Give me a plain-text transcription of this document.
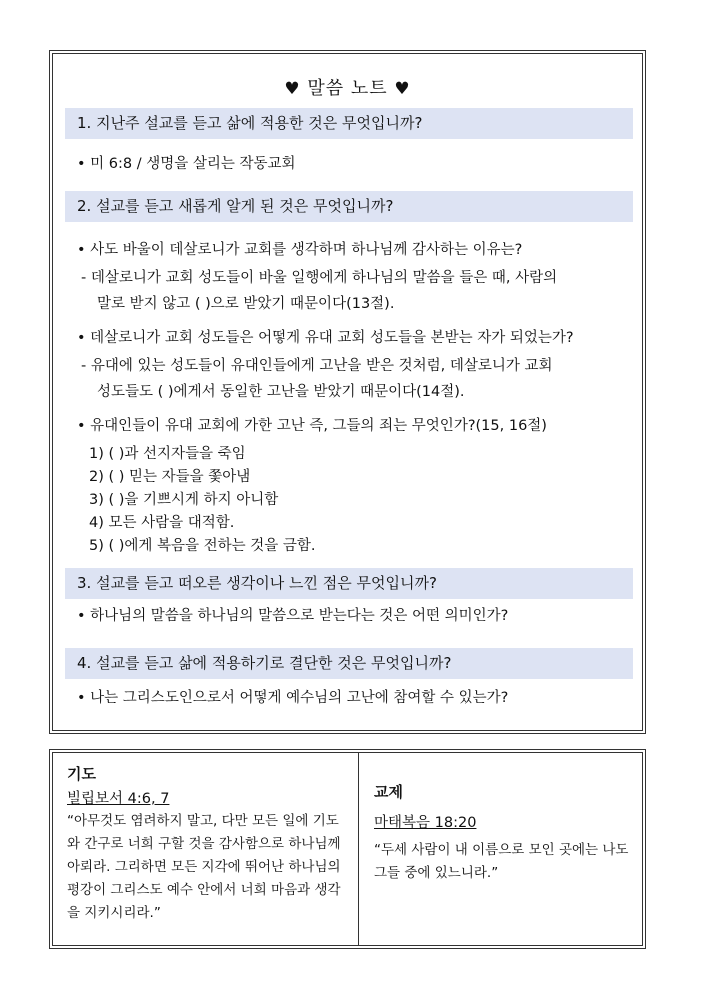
♥ 말씀 노트 ♥
1. 지난주 설교를 듣고 삶에 적용한 것은 무엇입니까?
• 미 6:8 / 생명을 살리는 작동교회
2. 설교를 듣고 새롭게 알게 된 것은 무엇입니까?
• 사도 바울이 데살로니가 교회를 생각하며 하나님께 감사하는 이유는?
- 데살로니가 교회 성도들이 바울 일행에게 하나님의 말씀을 들은 때, 사람의
말로 받지 않고 ( )으로 받았기 때문이다(13절).
• 데살로니가 교회 성도들은 어떻게 유대 교회 성도들을 본받는 자가 되었는가?
- 유대에 있는 성도들이 유대인들에게 고난을 받은 것처럼, 데살로니가 교회
성도들도 ( )에게서 동일한 고난을 받았기 때문이다(14절).
• 유대인들이 유대 교회에 가한 고난 즉, 그들의 죄는 무엇인가?(15, 16절)
1) ( )과 선지자들을 죽임
2) ( ) 믿는 자들을 쫓아냄
3) ( )을 기쁘시게 하지 아니함
4) 모든 사람을 대적함.
5) ( )에게 복음을 전하는 것을 금함.
3. 설교를 듣고 떠오른 생각이나 느낀 점은 무엇입니까?
• 하나님의 말씀을 하나님의 말씀으로 받는다는 것은 어떤 의미인가?
4. 설교를 듣고 삶에 적용하기로 결단한 것은 무엇입니까?
• 나는 그리스도인으로서 어떻게 예수님의 고난에 참여할 수 있는가?
기도
빌립보서 4:6, 7
“아무것도 염려하지 말고, 다만 모든 일에 기도와 간구로 너희 구할 것을 감사함으로 하나님께 아뢰라. 그리하면 모든 지각에 뛰어난 하나님의 평강이 그리스도 예수 안에서 너희 마음과 생각을 지키시리라.”
교제
마태복음 18:20
“두세 사람이 내 이름으로 모인 곳에는 나도 그들 중에 있느니라.”
